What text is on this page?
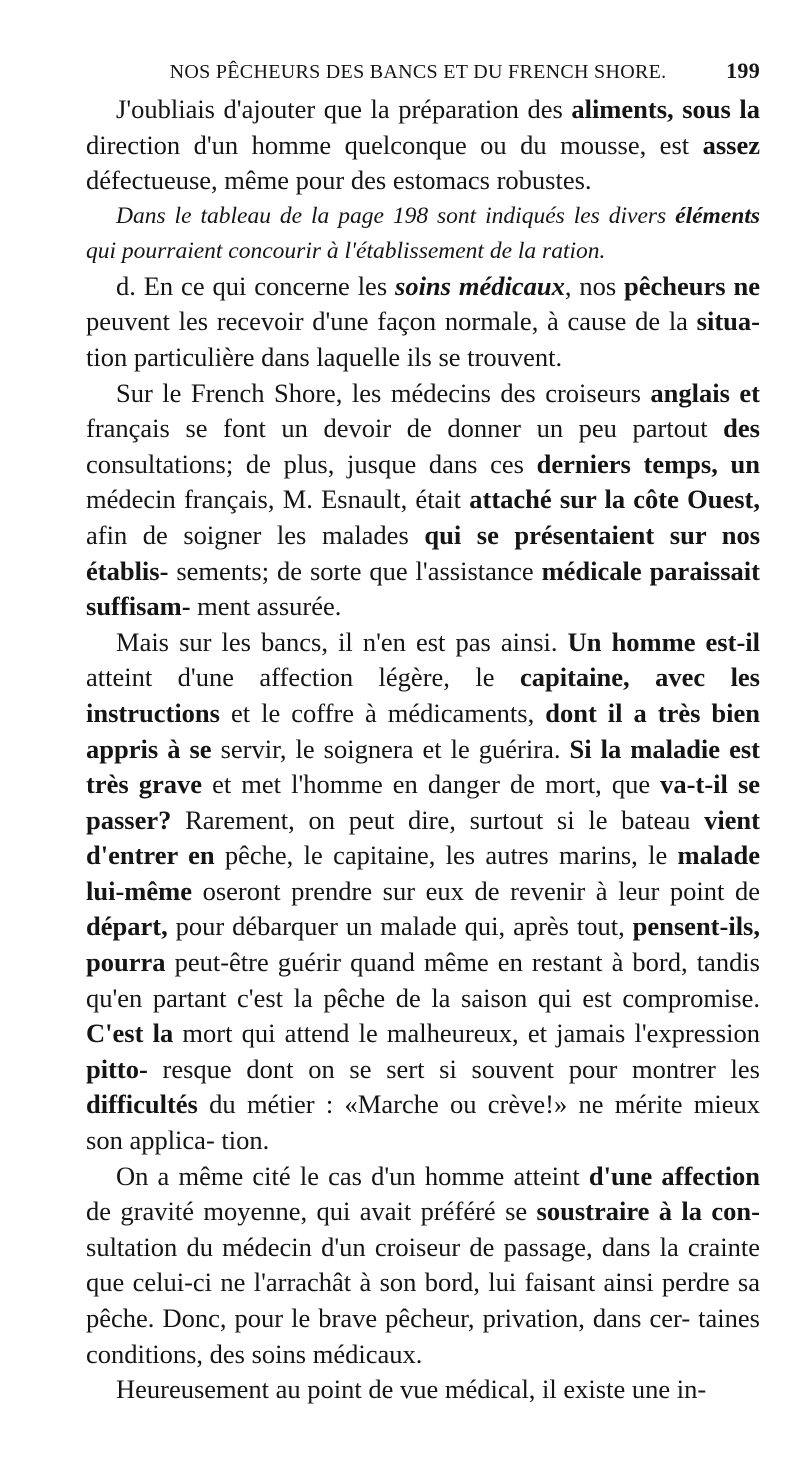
NOS PÊCHEURS DES BANCS ET DU FRENCH SHORE.	199

J'oubliais d'ajouter que la préparation des aliments, sous la direction d'un homme quelconque ou du mousse, est assez défectueuse, même pour des estomacs robustes.

Dans le tableau de la page 198 sont indiqués les divers éléments qui pourraient concourir à l'établissement de la ration.

d. En ce qui concerne les soins médicaux, nos pêcheurs ne peuvent les recevoir d'une façon normale, à cause de la situa- tion particulière dans laquelle ils se trouvent.

Sur le French Shore, les médecins des croiseurs anglais et français se font un devoir de donner un peu partout des consultations; de plus, jusque dans ces derniers temps, un médecin français, M. Esnault, était attaché sur la côte Ouest, afin de soigner les malades qui se présentaient sur nos établis- sements; de sorte que l'assistance médicale paraissait suffisam- ment assurée.

Mais sur les bancs, il n'en est pas ainsi. Un homme est-il atteint d'une affection légère, le capitaine, avec les instructions et le coffre à médicaments, dont il a très bien appris à se servir, le soignera et le guérira. Si la maladie est très grave et met l'homme en danger de mort, que va-t-il se passer? Rarement, on peut dire, surtout si le bateau vient d'entrer en pêche, le capitaine, les autres marins, le malade lui-même oseront prendre sur eux de revenir à leur point de départ, pour débarquer un malade qui, après tout, pensent-ils, pourra peut-être guérir quand même en restant à bord, tandis qu'en partant c'est la pêche de la saison qui est compromise. C'est la mort qui attend le malheureux, et jamais l'expression pitto- resque dont on se sert si souvent pour montrer les difficultés du métier : «Marche ou crève!» ne mérite mieux son applica- tion.

On a même cité le cas d'un homme atteint d'une affection de gravité moyenne, qui avait préféré se soustraire à la con- sultation du médecin d'un croiseur de passage, dans la crainte que celui-ci ne l'arrachât à son bord, lui faisant ainsi perdre sa pêche. Donc, pour le brave pêcheur, privation, dans cer- taines conditions, des soins médicaux.

Heureusement au point de vue médical, il existe une in-
